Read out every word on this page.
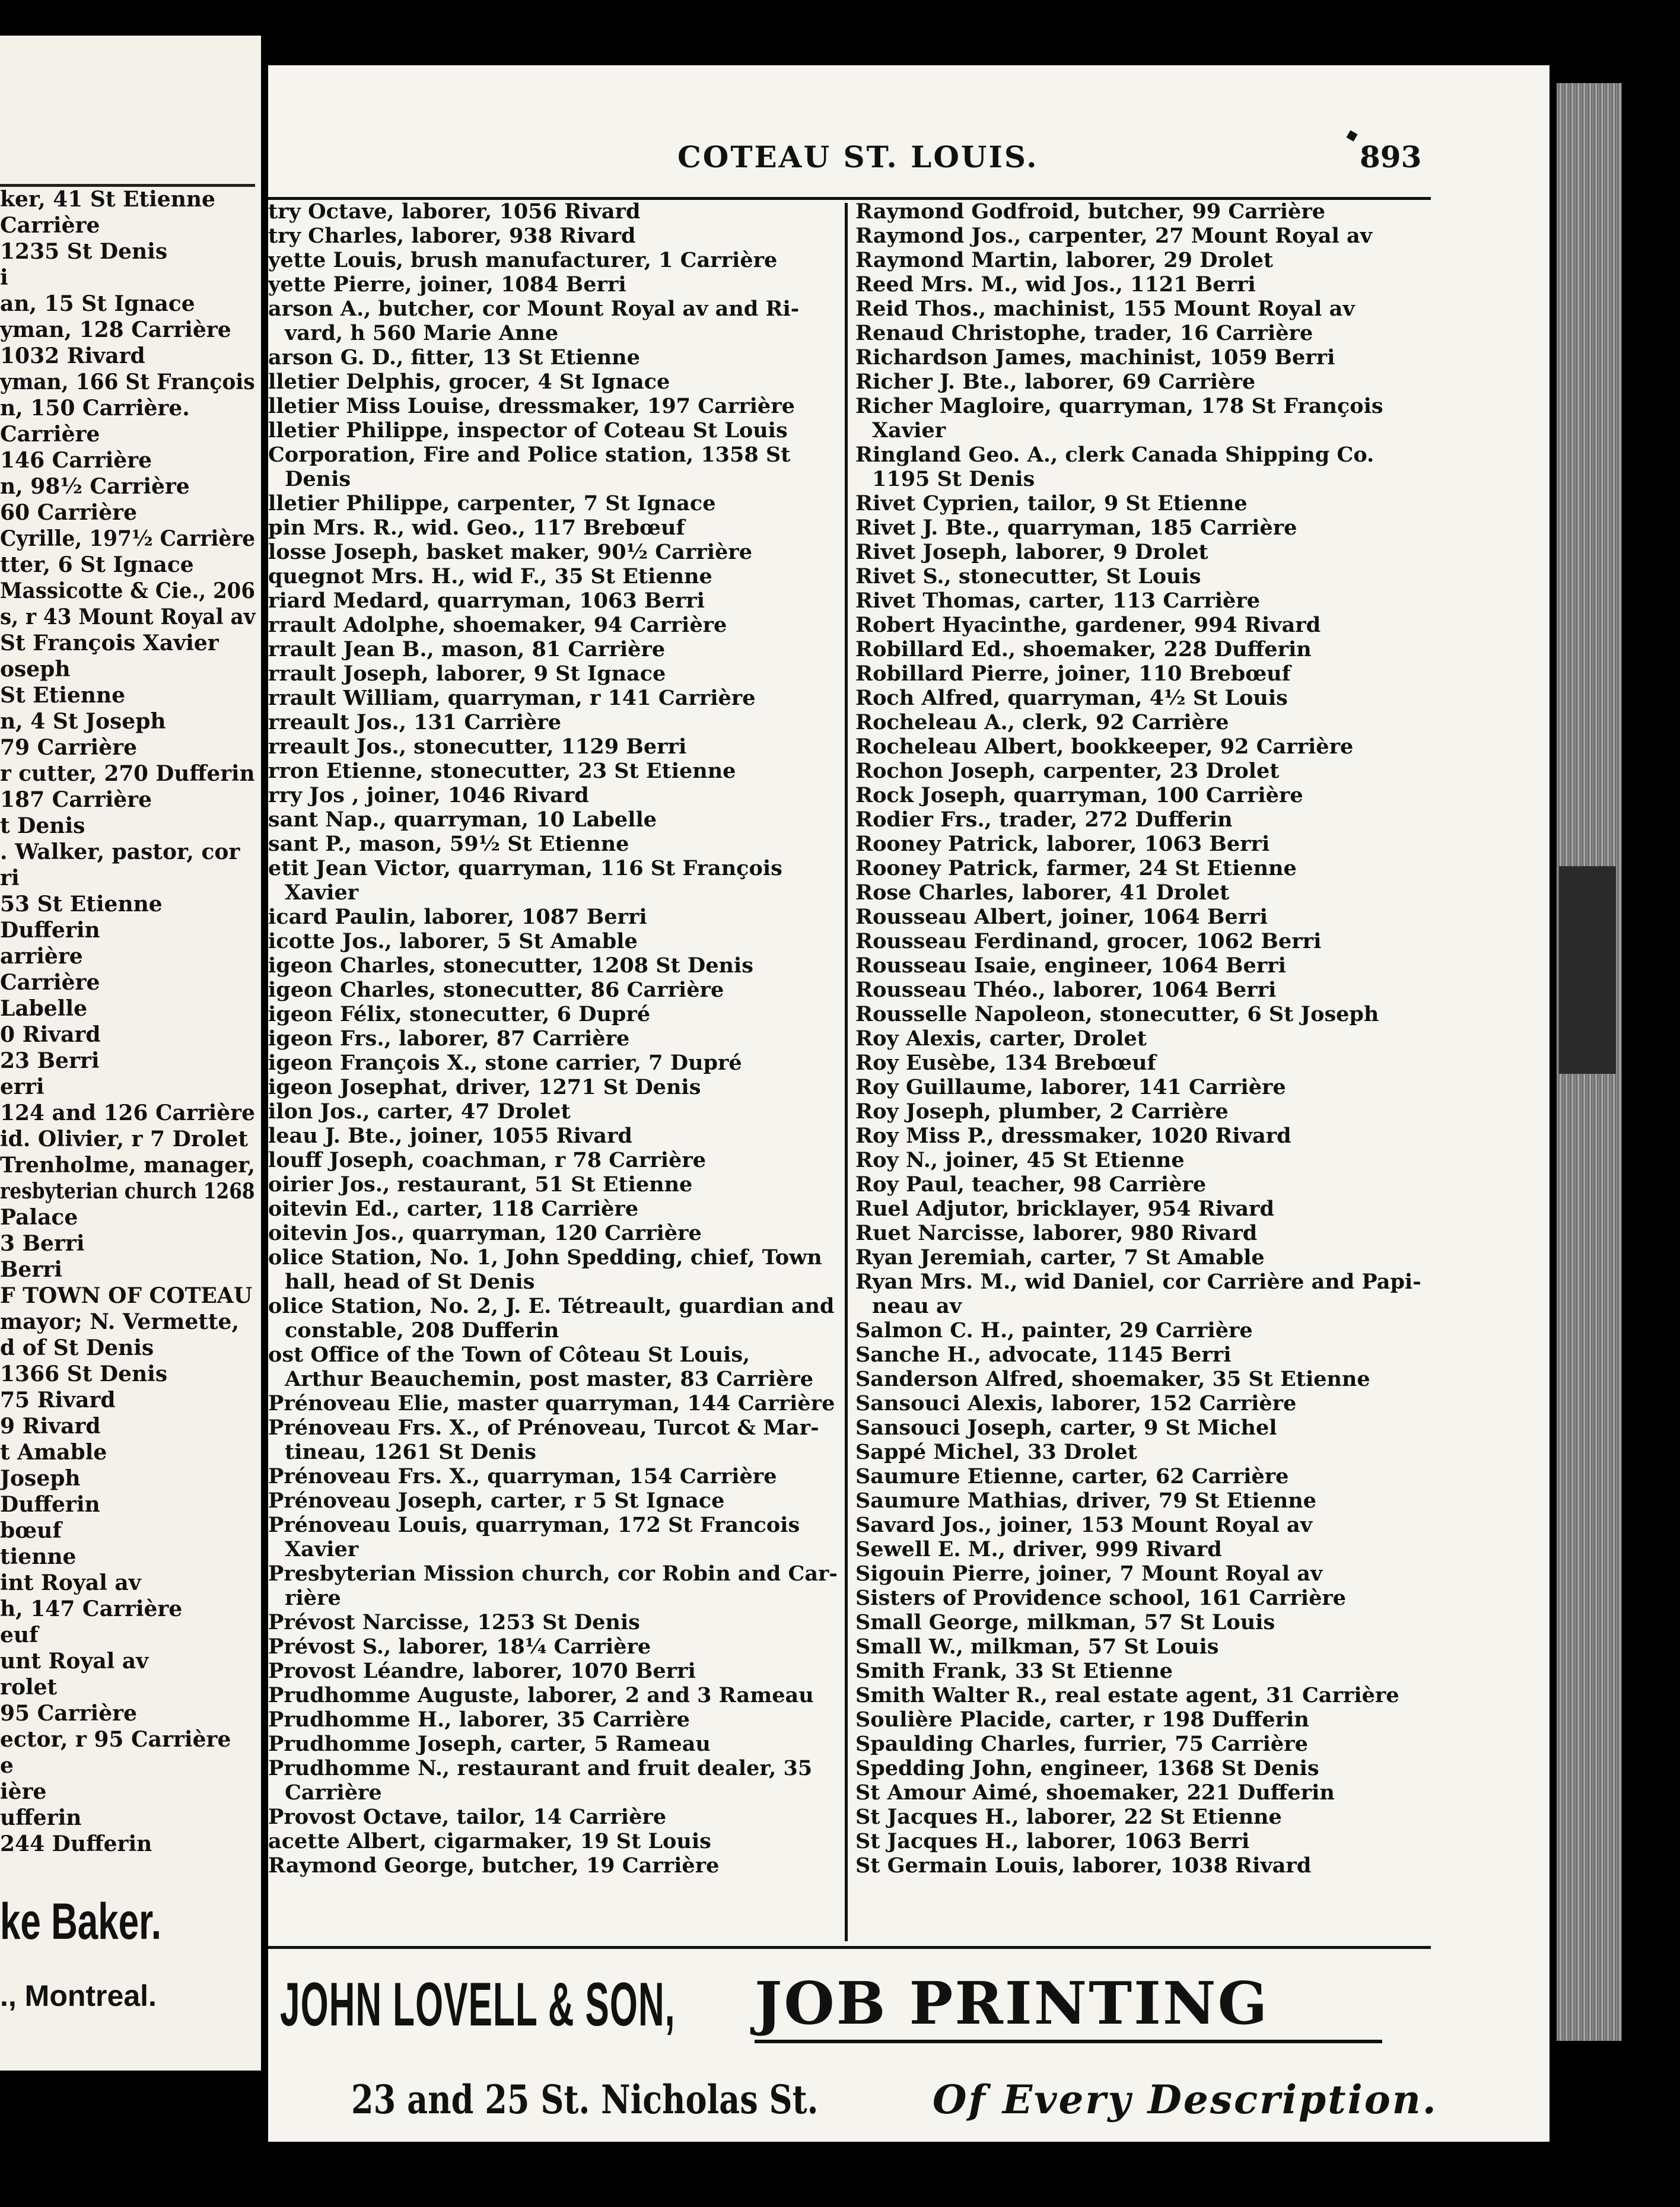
ker, 41 St Etienne
Carrière
1235 St Denis
i
an, 15 St Ignace
yman, 128 Carrière
1032 Rivard
yman, 166 St François
n, 150 Carrière.
Carrière
146 Carrière
n, 98½ Carrière
60 Carrière
Cyrille, 197½ Carrière
tter, 6 St Ignace
Massicotte & Cie., 206
s, r 43 Mount Royal av
St François Xavier
oseph
St Etienne
n, 4 St Joseph
79 Carrière
r cutter, 270 Dufferin
187 Carrière
t Denis
. Walker, pastor, cor
ri
53 St Etienne
Dufferin
arrière
Carrière
Labelle
0 Rivard
23 Berri
erri
124 and 126 Carrière
id. Olivier, r 7 Drolet
Trenholme, manager,
resbyterian church 1268
Palace
3 Berri
Berri
F TOWN OF COTEAU
mayor; N. Vermette,
d of St Denis
1366 St Denis
75 Rivard
9 Rivard
t Amable
Joseph
Dufferin
bœuf
tienne
int Royal av
h, 147 Carrière
euf
unt Royal av
rolet
95 Carrière
ector, r 95 Carrière
e
ière
ufferin
244 Dufferin
ke Baker.
., Montreal.
COTEAU ST. LOUIS.	893
try Octave, laborer, 1056 Rivard
try Charles, laborer, 938 Rivard
yette Louis, brush manufacturer, 1 Carrière
yette Pierre, joiner, 1084 Berri
arson A., butcher, cor Mount Royal av and Ri-
vard, h 560 Marie Anne
arson G. D., fitter, 13 St Etienne
lletier Delphis, grocer, 4 St Ignace
lletier Miss Louise, dressmaker, 197 Carrière
lletier Philippe, inspector of Coteau St Louis
Corporation, Fire and Police station, 1358 St
Denis
lletier Philippe, carpenter, 7 St Ignace
pin Mrs. R., wid. Geo., 117 Brebœuf
losse Joseph, basket maker, 90½ Carrière
quegnot Mrs. H., wid F., 35 St Etienne
riard Medard, quarryman, 1063 Berri
rrault Adolphe, shoemaker, 94 Carrière
rrault Jean B., mason, 81 Carrière
rrault Joseph, laborer, 9 St Ignace
rrault William, quarryman, r 141 Carrière
rreault Jos., 131 Carrière
rreault Jos., stonecutter, 1129 Berri
rron Etienne, stonecutter, 23 St Etienne
rry Jos , joiner, 1046 Rivard
sant Nap., quarryman, 10 Labelle
sant P., mason, 59½ St Etienne
etit Jean Victor, quarryman, 116 St François
Xavier
icard Paulin, laborer, 1087 Berri
icotte Jos., laborer, 5 St Amable
igeon Charles, stonecutter, 1208 St Denis
igeon Charles, stonecutter, 86 Carrière
igeon Félix, stonecutter, 6 Dupré
igeon Frs., laborer, 87 Carrière
igeon François X., stone carrier, 7 Dupré
igeon Josephat, driver, 1271 St Denis
ilon Jos., carter, 47 Drolet
leau J. Bte., joiner, 1055 Rivard
louff Joseph, coachman, r 78 Carrière
oirier Jos., restaurant, 51 St Etienne
oitevin Ed., carter, 118 Carrière
oitevin Jos., quarryman, 120 Carrière
olice Station, No. 1, John Spedding, chief, Town
hall, head of St Denis
olice Station, No. 2, J. E. Tétreault, guardian and
constable, 208 Dufferin
ost Office of the Town of Côteau St Louis,
Arthur Beauchemin, post master, 83 Carrière
Prénoveau Elie, master quarryman, 144 Carrière
Prénoveau Frs. X., of Prénoveau, Turcot & Mar-
tineau, 1261 St Denis
Prénoveau Frs. X., quarryman, 154 Carrière
Prénoveau Joseph, carter, r 5 St Ignace
Prénoveau Louis, quarryman, 172 St Francois
Xavier
Presbyterian Mission church, cor Robin and Car-
rière
Prévost Narcisse, 1253 St Denis
Prévost S., laborer, 18¼ Carrière
Provost Léandre, laborer, 1070 Berri
Prudhomme Auguste, laborer, 2 and 3 Rameau
Prudhomme H., laborer, 35 Carrière
Prudhomme Joseph, carter, 5 Rameau
Prudhomme N., restaurant and fruit dealer, 35
Carrière
Provost Octave, tailor, 14 Carrière
acette Albert, cigarmaker, 19 St Louis
Raymond George, butcher, 19 Carrière
Raymond Godfroid, butcher, 99 Carrière
Raymond Jos., carpenter, 27 Mount Royal av
Raymond Martin, laborer, 29 Drolet
Reed Mrs. M., wid Jos., 1121 Berri
Reid Thos., machinist, 155 Mount Royal av
Renaud Christophe, trader, 16 Carrière
Richardson James, machinist, 1059 Berri
Richer J. Bte., laborer, 69 Carrière
Richer Magloire, quarryman, 178 St François
Xavier
Ringland Geo. A., clerk Canada Shipping Co.
1195 St Denis
Rivet Cyprien, tailor, 9 St Etienne
Rivet J. Bte., quarryman, 185 Carrière
Rivet Joseph, laborer, 9 Drolet
Rivet S., stonecutter, St Louis
Rivet Thomas, carter, 113 Carrière
Robert Hyacinthe, gardener, 994 Rivard
Robillard Ed., shoemaker, 228 Dufferin
Robillard Pierre, joiner, 110 Brebœuf
Roch Alfred, quarryman, 4½ St Louis
Rocheleau A., clerk, 92 Carrière
Rocheleau Albert, bookkeeper, 92 Carrière
Rochon Joseph, carpenter, 23 Drolet
Rock Joseph, quarryman, 100 Carrière
Rodier Frs., trader, 272 Dufferin
Rooney Patrick, laborer, 1063 Berri
Rooney Patrick, farmer, 24 St Etienne
Rose Charles, laborer, 41 Drolet
Rousseau Albert, joiner, 1064 Berri
Rousseau Ferdinand, grocer, 1062 Berri
Rousseau Isaie, engineer, 1064 Berri
Rousseau Théo., laborer, 1064 Berri
Rousselle Napoleon, stonecutter, 6 St Joseph
Roy Alexis, carter, Drolet
Roy Eusèbe, 134 Brebœuf
Roy Guillaume, laborer, 141 Carrière
Roy Joseph, plumber, 2 Carrière
Roy Miss P., dressmaker, 1020 Rivard
Roy N., joiner, 45 St Etienne
Roy Paul, teacher, 98 Carrière
Ruel Adjutor, bricklayer, 954 Rivard
Ruet Narcisse, laborer, 980 Rivard
Ryan Jeremiah, carter, 7 St Amable
Ryan Mrs. M., wid Daniel, cor Carrière and Papi-
neau av
Salmon C. H., painter, 29 Carrière
Sanche H., advocate, 1145 Berri
Sanderson Alfred, shoemaker, 35 St Etienne
Sansouci Alexis, laborer, 152 Carrière
Sansouci Joseph, carter, 9 St Michel
Sappé Michel, 33 Drolet
Saumure Etienne, carter, 62 Carrière
Saumure Mathias, driver, 79 St Etienne
Savard Jos., joiner, 153 Mount Royal av
Sewell E. M., driver, 999 Rivard
Sigouin Pierre, joiner, 7 Mount Royal av
Sisters of Providence school, 161 Carrière
Small George, milkman, 57 St Louis
Small W., milkman, 57 St Louis
Smith Frank, 33 St Etienne
Smith Walter R., real estate agent, 31 Carrière
Soulière Placide, carter, r 198 Dufferin
Spaulding Charles, furrier, 75 Carrière
Spedding John, engineer, 1368 St Denis
St Amour Aimé, shoemaker, 221 Dufferin
St Jacques H., laborer, 22 St Etienne
St Jacques H., laborer, 1063 Berri
St Germain Louis, laborer, 1038 Rivard
JOHN LOVELL & SON,
23 and 25 St. Nicholas St.
JOB PRINTING
Of Every Description.
